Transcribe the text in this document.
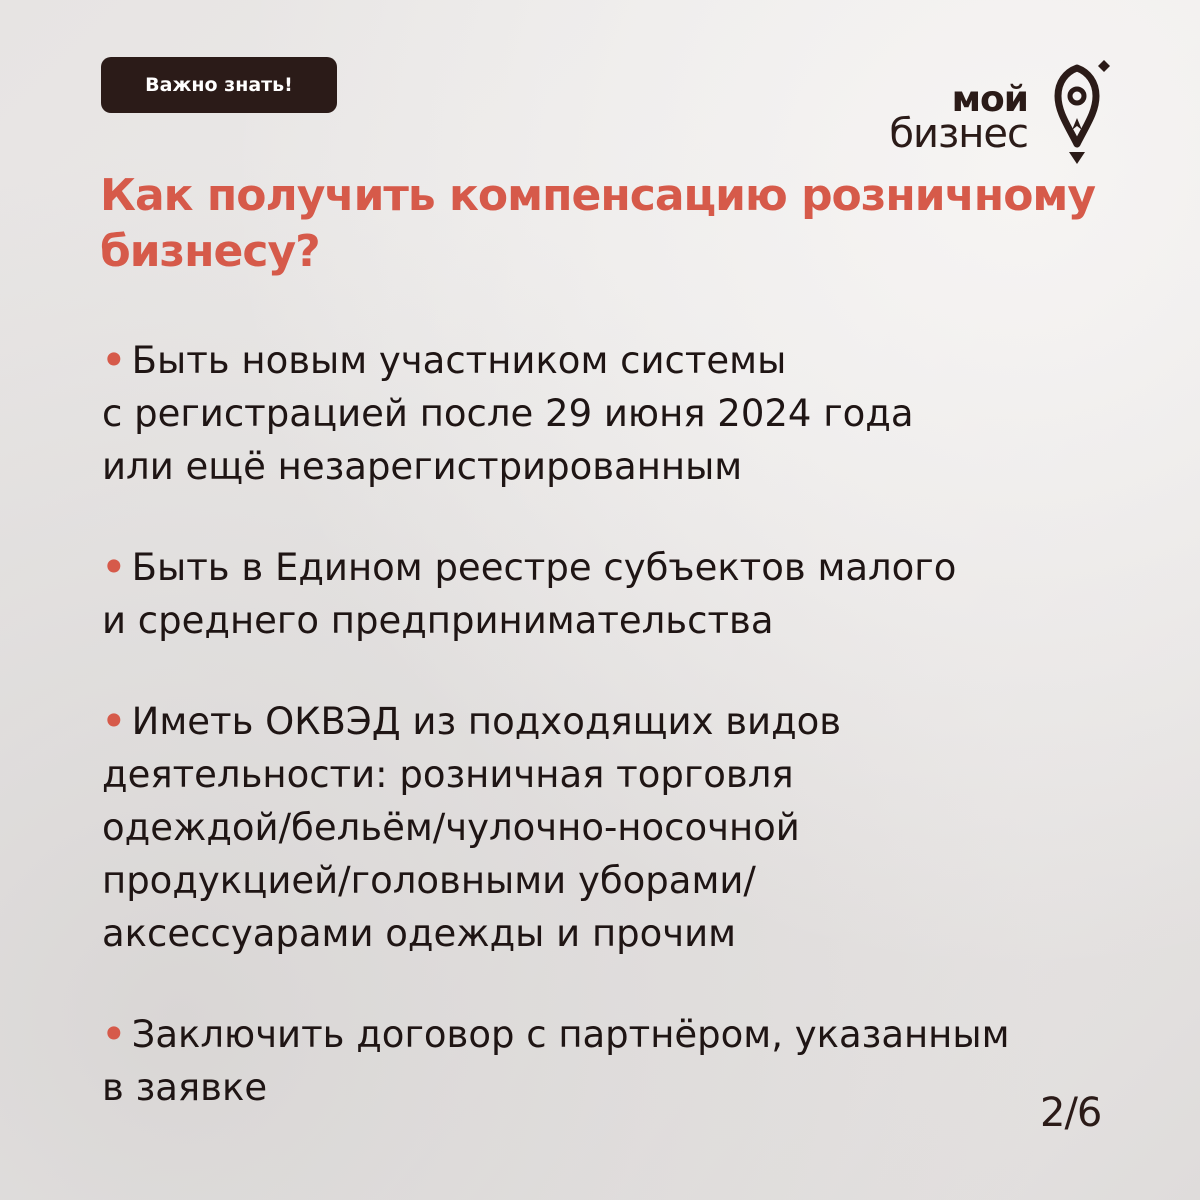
Важно знать!	мой
бизнес
Как получить компенсацию розничному
бизнесу?
• Быть новым участником системы
с регистрацией после 29 июня 2024 года
или ещё незарегистрированным
• Быть в Едином реестре субъектов малого
и среднего предпринимательства
• Иметь ОКВЭД из подходящих видов
деятельности: розничная торговля
одеждой/бельём/чулочно-носочной
продукцией/головными уборами/
аксессуарами одежды и прочим
• Заключить договор с партнёром, указанным
в заявке
2/6
